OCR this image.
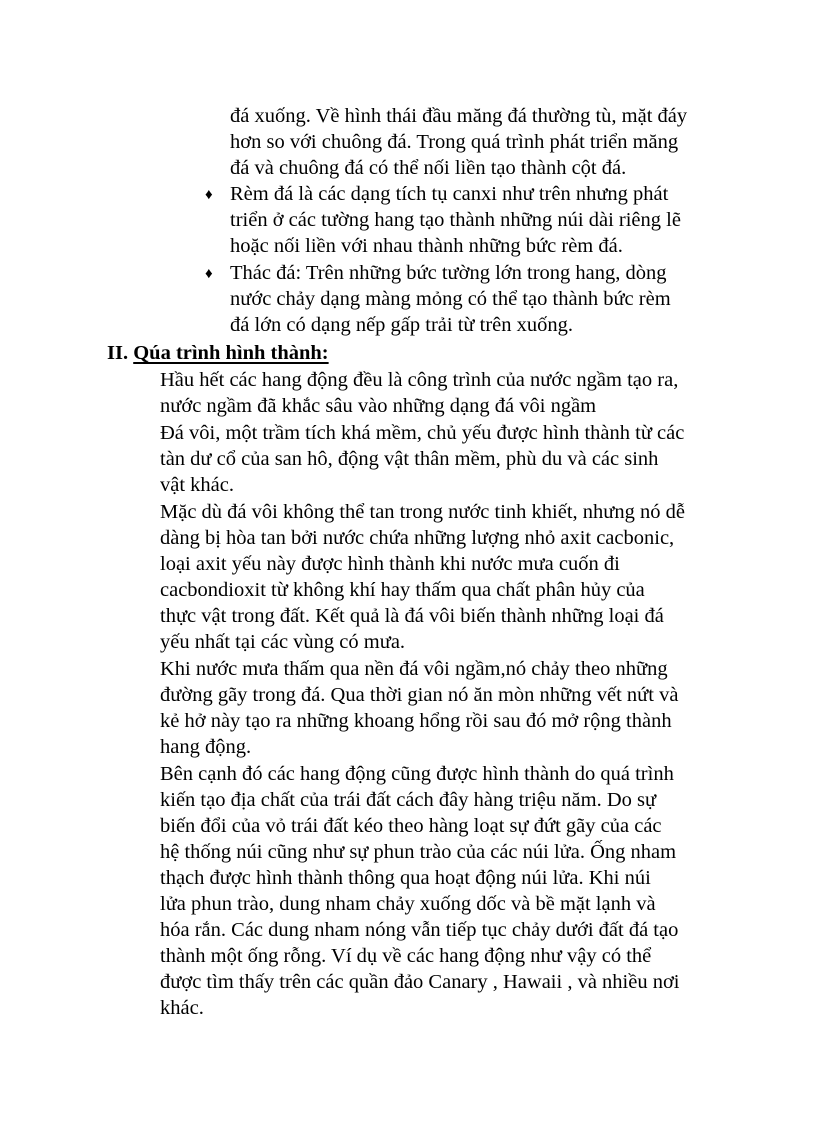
đá xuống. Về hình thái đầu măng đá thường tù, mặt đáy
hơn so với chuông đá. Trong quá trình phát triển măng
đá và chuông đá có thể nối liền tạo thành cột đá.
♦ Rèm đá là các dạng tích tụ canxi như trên nhưng phát
triển ở các tường hang tạo thành những núi dài riêng lẽ
hoặc nối liền với nhau thành những bức rèm đá.
♦ Thác đá: Trên những bức tường lớn trong hang, dòng
nước chảy dạng màng mỏng có thể tạo thành bức rèm
đá lớn có dạng nếp gấp trải từ trên xuống.
II. Qúa trình hình thành:
Hầu hết các hang động đều là công trình của nước ngầm tạo ra,
nước ngầm đã khắc sâu vào những dạng đá vôi ngầm
Đá vôi, một trầm tích khá mềm, chủ yếu được hình thành từ các
tàn dư cổ của san hô, động vật thân mềm, phù du và các sinh
vật khác.
Mặc dù đá vôi không thể tan trong nước tinh khiết, nhưng nó dễ
dàng bị hòa tan bởi nước chứa những lượng nhỏ axit cacbonic,
loại axit yếu này được hình thành khi nước mưa cuốn đi
cacbondioxit từ không khí hay thấm qua chất phân hủy của
thực vật trong đất. Kết quả là đá vôi biến thành những loại đá
yếu nhất tại các vùng có mưa.
Khi nước mưa thấm qua nền đá vôi ngầm,nó chảy theo những
đường gãy trong đá. Qua thời gian nó ăn mòn những vết nứt và
kẻ hở này tạo ra những khoang hổng rồi sau đó mở rộng thành
hang động.
Bên cạnh đó các hang động cũng được hình thành do quá trình
kiến tạo địa chất của trái đất cách đây hàng triệu năm. Do sự
biến đổi của vỏ trái đất kéo theo hàng loạt sự đứt gãy của các
hệ thống núi cũng như sự phun trào của các núi lửa. Ống nham
thạch được hình thành thông qua hoạt động núi lửa. Khi núi
lửa phun trào, dung nham chảy xuống dốc và bề mặt lạnh và
hóa rắn. Các dung nham nóng vẫn tiếp tục chảy dưới đất đá tạo
thành một ống rỗng. Ví dụ về các hang động như vậy có thể
được tìm thấy trên các quần đảo Canary , Hawaii , và nhiều nơi
khác.
